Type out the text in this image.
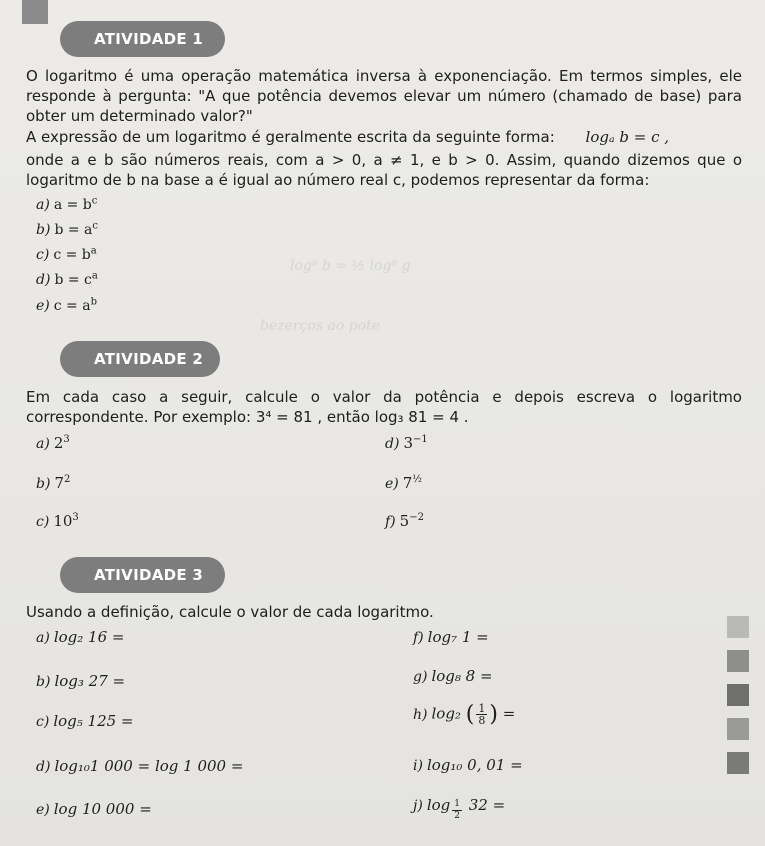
log⁸ b = ½ log⁸ g
bezerços ao pote
ATIVIDADE 1
O logaritmo é uma operação matemática inversa à exponenciação. Em termos simples, ele responde à pergunta: "A que potência devemos elevar um número (chamado de base) para obter um determinado valor?"
A expressão de um logaritmo é geralmente escrita da seguinte forma: logₐ b = c ,
onde a e b são números reais, com a > 0, a ≠ 1, e b > 0. Assim, quando dizemos que o logaritmo de b na base a é igual ao número real c, podemos representar da forma:
a) $a = b^c$
b) $b = a^c$
c) $c = b^a$
d) $b = c^a$
e) $c = a^b$
ATIVIDADE 2
Em cada caso a seguir, calcule o valor da potência e depois escreva o logaritmo correspondente. Por exemplo: 3⁴ = 81 , então log₃ 81 = 4 .
a) $2^3$	d) $3^{-1}$
b) $7^2$	e) $7^{\frac{1}{2}}$
c) $10^3$	f) $5^{-2}$
ATIVIDADE 3
Usando a definição, calcule o valor de cada logaritmo.
a) log₂ 16 =	f) log₇ 1 =
b) log₃ 27 =	g) log₈ 8 =
c) log₅ 125 =	h) log₂ ( $\frac{1}{8}$ ) =
d) log₁₀1 000 = log 1 000 =	i) log₁₀ 0, 01 =
e) log 10 000 =	j) $\log \frac{1}{2} 32$ =
